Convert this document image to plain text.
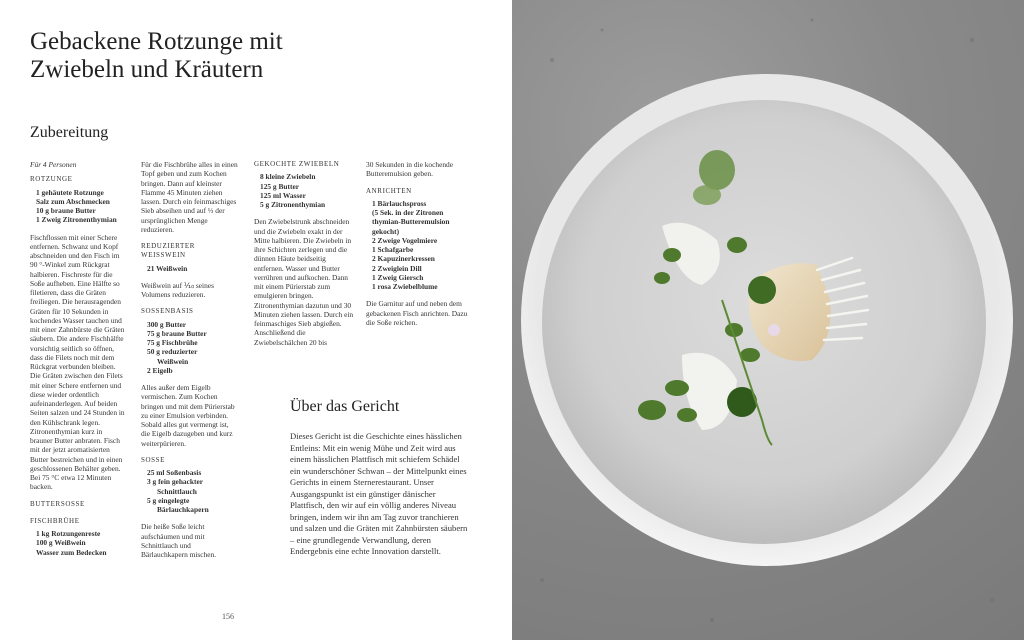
Gebackene Rotzunge mit
Zwiebeln und Kräutern
Zubereitung
Für 4 Personen
ROTZUNGE
1 gehäutete Rotzunge
Salz zum Abschmecken
10 g braune Butter
1 Zweig Zitronenthymian

Fischflossen mit einer Schere entfernen. Schwanz und Kopf abschneiden und den Fisch im 90 °-Winkel zum Rückgrat halbieren. Fischreste für die Soße aufheben. Eine Hälfte so filetieren, dass die Gräten freiliegen. Die herausragenden Gräten für 10 Sekunden in kochendes Wasser tauchen und mit einer Zahnbürste die Gräten säubern. Die andere Fischhälfte vorsichtig seitlich so öffnen, dass die Filets noch mit dem Rückgrat verbunden bleiben. Die Gräten zwischen den Filets mit einer Schere entfernen und diese wieder ordentlich aufeinanderlegen. Auf beiden Seiten salzen und 24 Stunden in den Kühlschrank legen. Zitronenthymian kurz in brauner Butter anbraten. Fisch mit der jetzt aromatisierten Butter bestreichen und in einen geschlossenen Behälter geben. Bei 75 °C etwa 12 Minuten backen.

BUTTERSOSSE
FISCHBRÜHE
1 kg Rotzungenreste
100 g Weißwein
Wasser zum Bedecken

Für die Fischbrühe alles in einen Topf geben und zum Kochen bringen. Dann auf kleinster Flamme 45 Minuten ziehen lassen. Durch ein feinmaschiges Sieb abseihen und auf ⅓ der ursprünglichen Menge reduzieren.

REDUZIERTER WEISSWEIN
21 Weißwein

Weißwein auf ⅒ seines Volumens reduzieren.

SOSSENBASIS
300 g Butter
75 g braune Butter
75 g Fischbrühe
50 g reduzierter
Weißwein
2 Eigelb

Alles außer dem Eigelb vermischen. Zum Kochen bringen und mit dem Pürierstab zu einer Emulsion verbinden. Sobald alles gut vermengt ist, die Eigelb dazugeben und kurz weiterpürieren.

SOSSE
25 ml Soßenbasis
3 g fein gehackter
Schnittlauch
5 g eingelegte
Bärlauchkapern

Die heiße Soße leicht aufschäumen und mit Schnittlauch und Bärlauchkapern mischen.

GEKOCHTE ZWIEBELN
8 kleine Zwiebeln
125 g Butter
125 ml Wasser
5 g Zitronenthymian

Den Zwiebelstrunk abschneiden und die Zwiebeln exakt in der Mitte halbieren. Die Zwiebeln in ihre Schichten zerlegen und die dünnen Häute beidseitig entfernen. Wasser und Butter verrühren und aufkochen. Dann mit einem Pürierstab zum emulgieren bringen. Zitronenthymian dazutun und 30 Minuten ziehen lassen. Durch ein feinmaschiges Sieb abgießen. Anschließend die Zwiebelschälchen 20 bis

30 Sekunden in die kochende Butteremulsion geben.

ANRICHTEN
1 Bärlauchspross
(5 Sek. in der Zitronen
thymian-Butteremulsion
gekocht)
2 Zweige Vogelmiere
1 Schafgarbe
2 Kapuzinerkressen
2 Zweiglein Dill
1 Zweig Giersch
1 rosa Zwiebelblume

Die Garnitur auf und neben dem gebackenen Fisch anrichten. Dazu die Soße reichen.

Über das Gericht
Dieses Gericht ist die Geschichte eines hässlichen Entleins: Mit ein wenig Mühe und Zeit wird aus einem hässlichen Plattfisch mit schiefem Schädel ein wunderschöner Schwan – der Mittelpunkt eines Gerichts in einem Sternerestaurant. Unser Ausgangspunkt ist ein günstiger dänischer Plattfisch, den wir auf ein völlig anderes Niveau bringen, indem wir ihn am Tag zuvor tranchieren und salzen und die Gräten mit Zahnbürsten säubern – eine grundlegende Verwandlung, deren Endergebnis eine echte Innovation darstellt.
156
